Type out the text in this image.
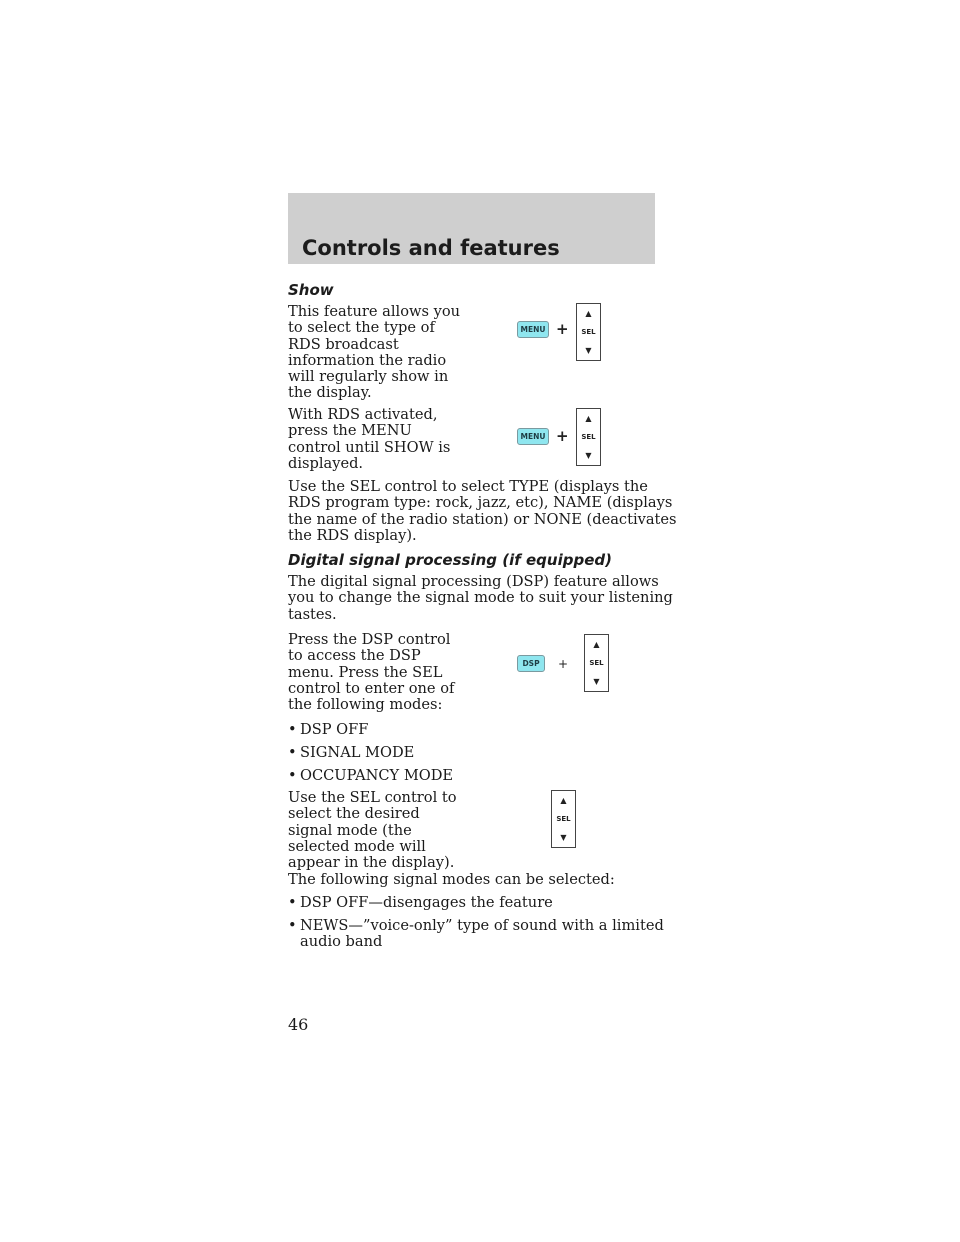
Controls and features
Show

This feature allows you
to select the type of
RDS broadcast
information the radio
will regularly show in
the display.

With RDS activated,
press the MENU
control until SHOW is
displayed.

Use the SEL control to select TYPE (displays the
RDS program type: rock, jazz, etc), NAME (displays
the name of the radio station) or NONE (deactivates
the RDS display).

Digital signal processing (if equipped)

The digital signal processing (DSP) feature allows
you to change the signal mode to suit your listening
tastes.

Press the DSP control
to access the DSP
menu. Press the SEL
control to enter one of
the following modes:

• DSP OFF

• SIGNAL MODE

• OCCUPANCY MODE

Use the SEL control to
select the desired
signal mode (the
selected mode will
appear in the display).

The following signal modes can be selected:

• DSP OFF—disengages the feature

• NEWS—”voice-only” type of sound with a limited
audio band

46

MENU +
▲
SEL
▼
MENU +
▲
SEL
▼
DSP	+
▲
SEL
▼
▲
SEL
▼
